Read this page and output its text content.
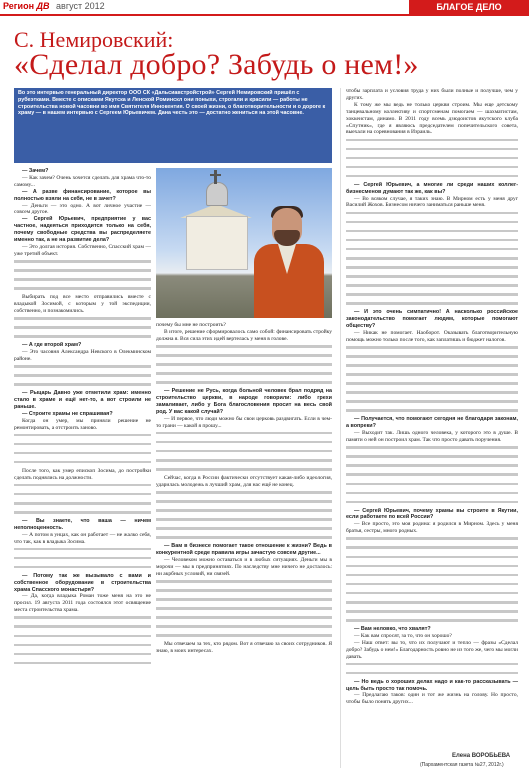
Регион ДВ август 2012	БЛАГОЕ ДЕЛО
С. Немировский:
«Сделал добро? Забудь о нем!»
Во это интервью генеральный директор ООО СК «Дальсиавстройстрой» Сергей Немировский пришёл с рубеэтками. Вместе с описками Якутска и Ленской Роминскл они поныхи, строгали и красили — работы не строительства новой часовни во имя Святителя Иннокентия. О своей жизни, о благотворительности и о дороге к храму — в нашем интервью с Сергеем Юрьевичем. Дана честь это — достатно жениться на этой часовне.

— Зачем?

— Как зачем? Очень хочется сделать для храма что-то самому...

— А разве финансирование, которое вы полностью взяли на себя, не в зачет?

— Деньги — это одно. А вот личное участие — совсем другое.

— Сергей Юрьевич, предприятие у вас частное, надеяться приходится только на себя, почему свободные средства вы распределяете именно так, а не на развитие дела?

— Это долгая история. Собственно, Спасский храм — уже третий объект.

Выбирать под все место отправились вместе с владыкой Зосимой, с которым у той экспедиции, собственно, и познакомились.

— А где второй храм?

— Это часовня Александра Невского в Олекминском районе.

— Рыцарь Давно уже отметили храм: именно стало в храме и ещё нет-то, а вот строили не раньше.

— Строите храмы не спрашивая?

Когда он умер, мы приняли решение не ремонтировать, а отстроить заново.

После того, как умер епископ Зосима, до постройки сделать поднялись на должности.

— Вы знаете, что ваша — ничем неполноценность.

— А потом в унцах, как он работает — не жалко себя, что так, как в владыка Зосима.

— Потому так же вызывало с вами и собственное оборудование в строительства храма Спасского монастыря?

— Да, когда владыка Роман тоже меня на это не просил. 19 августа 2011 года состоялся этот освящение места строительства храма.

почему бы мне не построить?

В итоге, решение сформировалось само собой: финансировать стройку должна я. Вся сила этих идей вертелась у меня в голове.

— Решение не Русь, когда больной человек брал подряд на строительство церкви, в народе говорили: либо грехи замаливает, либо у Бога благословения просит на весь свой род. У вас какой случай?

— И первое, что люди можно бы свои церковь раздвигать. Если в чем-то грани — какой я прошу...

Сейчас, когда в России фактически отсутствует какая-либо идеология, ударилась молодежь в лучший храм, для нас ещё не конец.

— Вам в бизнесе помогает такое отношение к жизни? Ведь в конкурентной среде правила игры зачастую совсем другие...

— Человеком можно оставаться и в любых ситуациях. Деньги мы в морочи — мы в предпринятиях. По наследству мне ничего не досталось: ни акрбных условий, ни связей.

Мы отвечаем за тех, кто рядом. Вот я отвечаю за своих сотрудников. Я знаю, в моих интересах.

чтобы зарплата и условия труда у них были полные и получше, чем у других.

К тому же мы ведь не только церкви строим. Мы еще детскому танцевальному коллективу и спортсменам помогаем — шахматистам, хоккеистам, динамо. В 2011 году всемь дзюдоистов якутского клуба «Спутник», где я являюсь председателем попечительского совета, выехали на соревнования в Израиль.

— Сергей Юрьевич, а многие ли среди наших коллег-бизнесменов думают так же, как вы?

— Во всяком случае, я таких знаю. В Мирном есть у меня друг Василий Жохов. Бизнесом ничего заниматься раньше меня.

— И это очень симпатично! А насколько российское законодательство помогает людям, которые помогают обществу?

— Никак не помогает. Наоборот. Оказывать благотворительную помощь можно только после того, как заплатишь и бюджет налогов.

— Получается, что помогают сегодня не благодаря законам, а вопреки?

— Выходит так. Лишь одного человека, у которого это в душе. В памяти о ней он построил храм. Так что просто давать поручения.

— Сергей Юрьевич, почему храмы вы строите в Якутии, если работаете по всей России?

— Все просто, это моя родина: я родился в Мирном. Здесь у меня братья, сестры, много родных.

— Вам неловко, что хвалят?

— Как вам спросят, за то, что он хорошо?

— Наш ответ: вы то, что их получают и тепло — фразы «Сделал добро? Забудь о нем!» Благодарность ровно не из того же, чего мы могли давать.

— Но ведь о хороших делах надо и как-то рассказывать — цель быть просто так помочь.

— Предлагаю таков: один и тот же жизнь на голову. Но просто, чтобы было понять других...

Елена ВОРОБЬЕВА
(Пархаментская газета №27, 2012г.)
